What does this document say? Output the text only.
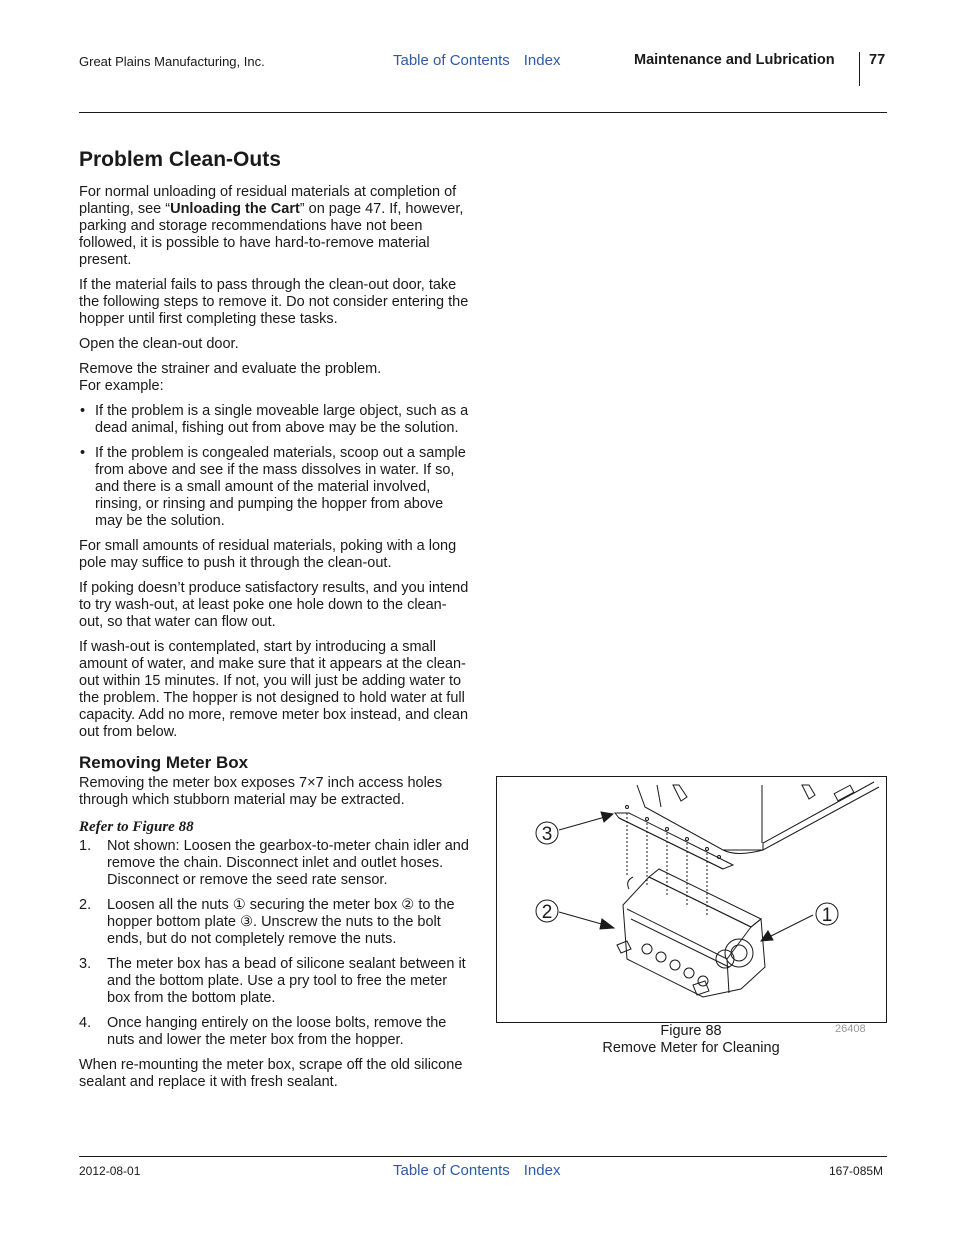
Great Plains Manufacturing, Inc.	Table of Contents Index	Maintenance and Lubrication 77
Problem Clean-Outs

For normal unloading of residual materials at completion of planting, see “Unloading the Cart” on page 47. If, however, parking and storage recommendations have not been followed, it is possible to have hard-to-remove material present.

If the material fails to pass through the clean-out door, take the following steps to remove it. Do not consider entering the hopper until first completing these tasks.

Open the clean-out door.

Remove the strainer and evaluate the problem.
For example:

• If the problem is a single moveable large object, such as a dead animal, fishing out from above may be the solution.
• If the problem is congealed materials, scoop out a sample from above and see if the mass dissolves in water. If so, and there is a small amount of the material involved, rinsing, or rinsing and pumping the hopper from above may be the solution.

For small amounts of residual materials, poking with a long pole may suffice to push it through the clean-out.

If poking doesn’t produce satisfactory results, and you intend to try wash-out, at least poke one hole down to the clean-out, so that water can flow out.

If wash-out is contemplated, start by introducing a small amount of water, and make sure that it appears at the clean-out within 15 minutes. If not, you will just be adding water to the problem. The hopper is not designed to hold water at full capacity. Add no more, remove meter box instead, and clean out from below.

Removing Meter Box

Removing the meter box exposes 7×7 inch access holes through which stubborn material may be extracted.

Refer to Figure 88
1. Not shown: Loosen the gearbox-to-meter chain idler and remove the chain. Disconnect inlet and outlet hoses. Disconnect or remove the seed rate sensor.
2. Loosen all the nuts ① securing the meter box ② to the hopper bottom plate ③. Unscrew the nuts to the bolt ends, but do not completely remove the nuts.
3. The meter box has a bead of silicone sealant between it and the bottom plate. Use a pry tool to free the meter box from the bottom plate.
4. Once hanging entirely on the loose bolts, remove the nuts and lower the meter box from the hopper.

When re-mounting the meter box, scrape off the old silicone sealant and replace it with fresh sealant.

3
2	1
Figure 88
Remove Meter for Cleaning
26408
2012-08-01	Table of Contents Index	167-085M
